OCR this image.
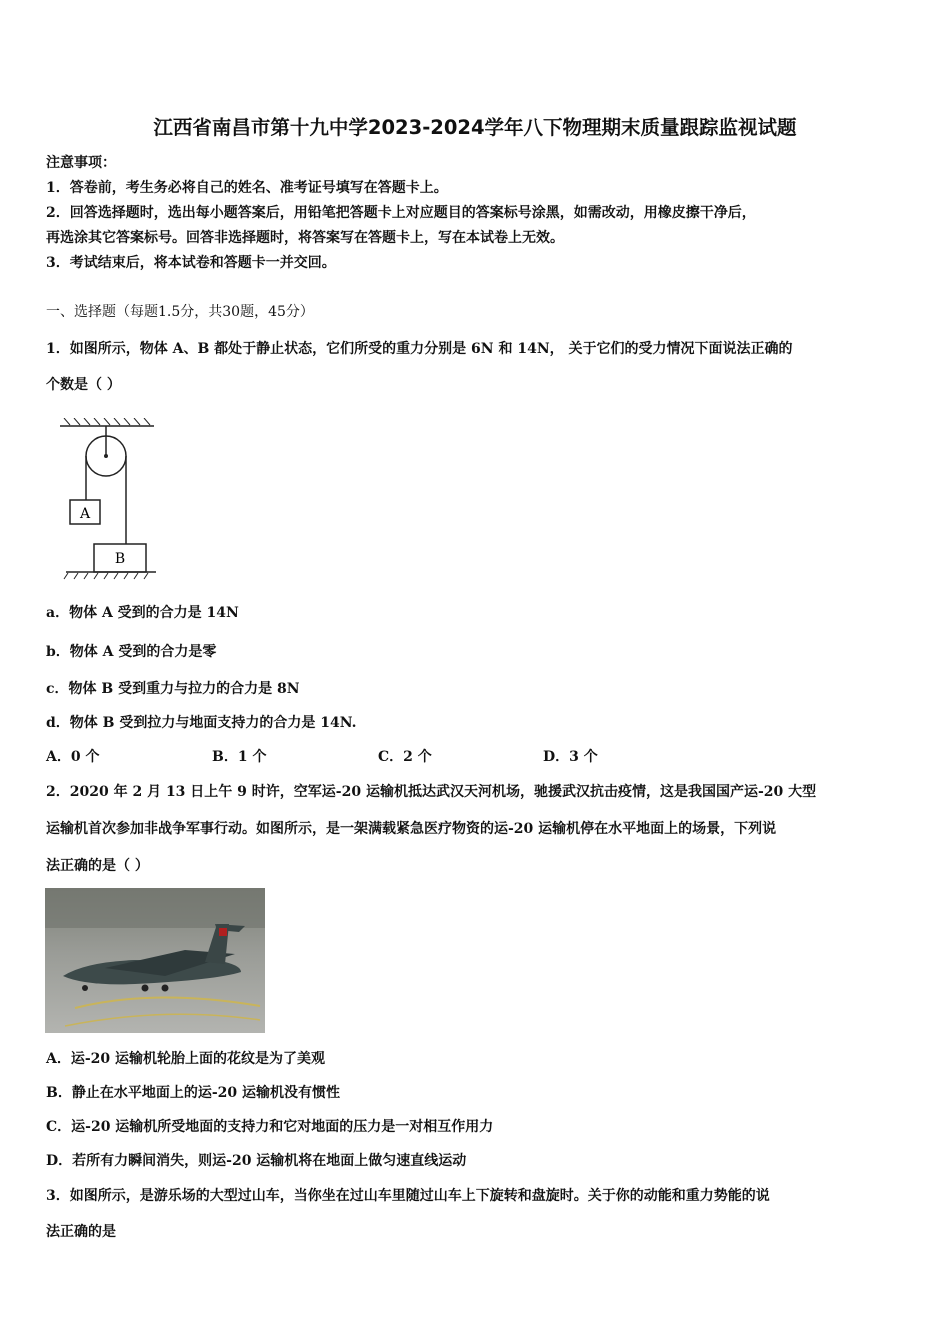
江西省南昌市第十九中学2023-2024学年八下物理期末质量跟踪监视试题
注意事项：
1．答卷前，考生务必将自己的姓名、准考证号填写在答题卡上。
2．回答选择题时，选出每小题答案后，用铅笔把答题卡上对应题目的答案标号涂黑，如需改动，用橡皮擦干净后，
再选涂其它答案标号。回答非选择题时，将答案写在答题卡上，写在本试卷上无效。
3．考试结束后，将本试卷和答题卡一并交回。
一、选择题（每题1.5分，共30题，45分）
1．如图所示，物体 A、B 都处于静止状态，它们所受的重力分别是 6N 和 14N， 关于它们的受力情况下面说法正确的
个数是（ ）
A
B
a．物体 A 受到的合力是 14N
b．物体 A 受到的合力是零
c．物体 B 受到重力与拉力的合力是 8N
d．物体 B 受到拉力与地面支持力的合力是 14N.
A．0 个	B．1 个	C．2 个	D．3 个
2．2020 年 2 月 13 日上午 9 时许，空军运-20 运输机抵达武汉天河机场，驰援武汉抗击疫情，这是我国国产运-20 大型
运输机首次参加非战争军事行动。如图所示，是一架满载紧急医疗物资的运-20 运输机停在水平地面上的场景，下列说
法正确的是（ ）
A．运-20 运输机轮胎上面的花纹是为了美观
B．静止在水平地面上的运-20 运输机没有惯性
C．运-20 运输机所受地面的支持力和它对地面的压力是一对相互作用力
D．若所有力瞬间消失，则运-20 运输机将在地面上做匀速直线运动
3．如图所示，是游乐场的大型过山车，当你坐在过山车里随过山车上下旋转和盘旋时。关于你的动能和重力势能的说
法正确的是
